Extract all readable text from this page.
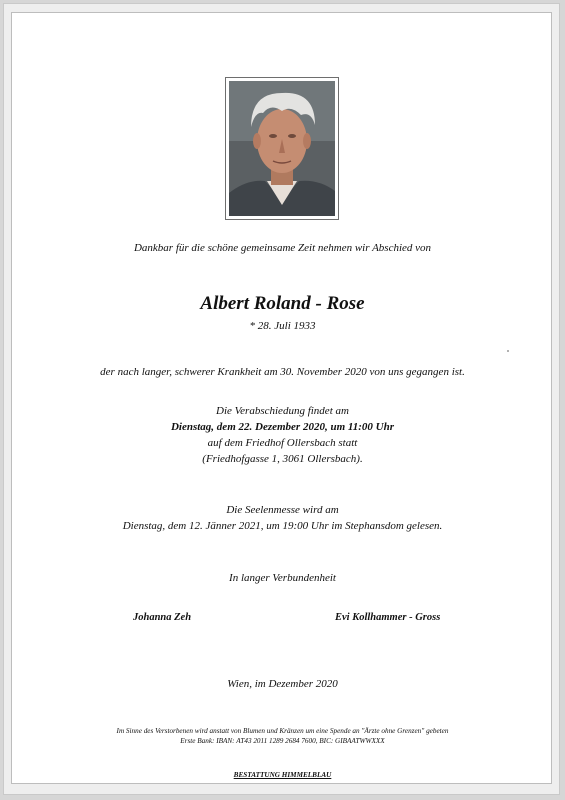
Dankbar für die schöne gemeinsame Zeit nehmen wir Abschied von
Albert Roland - Rose
* 28. Juli 1933
der nach langer, schwerer Krankheit am 30. November 2020 von uns gegangen ist.
Die Verabschiedung findet am
Dienstag, dem 22. Dezember 2020, um 11:00 Uhr
auf dem Friedhof Ollersbach statt
(Friedhofgasse 1, 3061 Ollersbach).
Die Seelenmesse wird am
Dienstag, dem 12. Jänner 2021, um 19:00 Uhr im Stephansdom gelesen.
In langer Verbundenheit
Johanna Zeh	Evi Kollhammer - Gross
Wien, im Dezember 2020
Im Sinne des Verstorbenen wird anstatt von Blumen und Kränzen um eine Spende an "Ärzte ohne Grenzen" gebeten
Erste Bank: IBAN: AT43 2011 1289 2684 7600, BIC: GIBAATWWXXX
BESTATTUNG HIMMELBLAU
